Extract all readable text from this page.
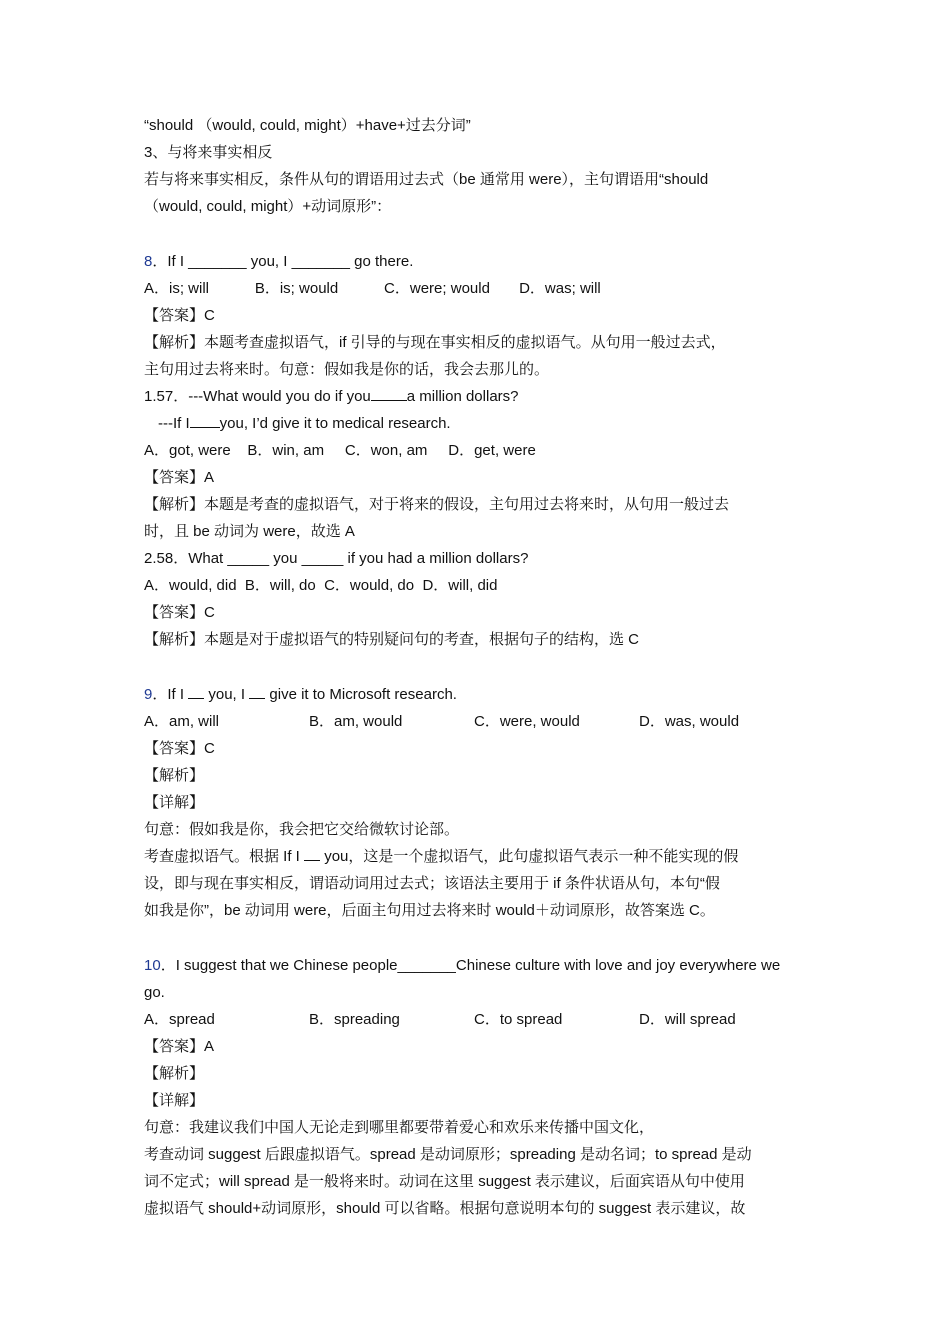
“should （would, could, might）+have+过去分词”
3、与将来事实相反
若与将来事实相反，条件从句的谓语用过去式（be 通常用 were），主句谓语用“should
（would, could, might）+动词原形”：
8．If I _______ you, I _______ go there.
A．is; will           B．is; would           C．were; would       D．was; will
【答案】C
【解析】本题考查虚拟语气，if 引导的与现在事实相反的虚拟语气。从句用一般过去式，
主句用过去将来时。句意：假如我是你的话，我会去那儿的。
1.57．---What would you do if you a million dollars?
---If I you, I’d give it to medical research.
A．got, were    B．win, am     C．won, am     D．get, were
【答案】A
【解析】本题是考查的虚拟语气，对于将来的假设，主句用过去将来时，从句用一般过去
时，且 be 动词为 were，故选 A
2.58．What _____ you _____ if you had a million dollars?
A．would, did  B．will, do  C．would, do  D．will, did
【答案】C
【解析】本题是对于虚拟语气的特别疑问句的考查，根据句子的结构，选 C
9．If I you, I give it to Microsoft research.
A．am, will	B．am, would	C．were, would	D．was, would
【答案】C
【解析】
【详解】
句意：假如我是你，我会把它交给微软讨论部。
考查虚拟语气。根据 If I you，这是一个虚拟语气，此句虚拟语气表示一种不能实现的假
设，即与现在事实相反，谓语动词用过去式；该语法主要用于 if 条件状语从句，本句“假
如我是你”，be 动词用 were，后面主句用过去将来时 would＋动词原形，故答案选 C。
10．I suggest that we Chinese people_______Chinese culture with love and joy everywhere we
go.
A．spread	B．spreading	C．to spread	D．will spread
【答案】A
【解析】
【详解】
句意：我建议我们中国人无论走到哪里都要带着爱心和欢乐来传播中国文化，
考查动词 suggest 后跟虚拟语气。spread 是动词原形；spreading 是动名词；to spread 是动
词不定式；will spread 是一般将来时。动词在这里 suggest 表示建议，后面宾语从句中使用
虚拟语气 should+动词原形，should 可以省略。根据句意说明本句的 suggest 表示建议，故
